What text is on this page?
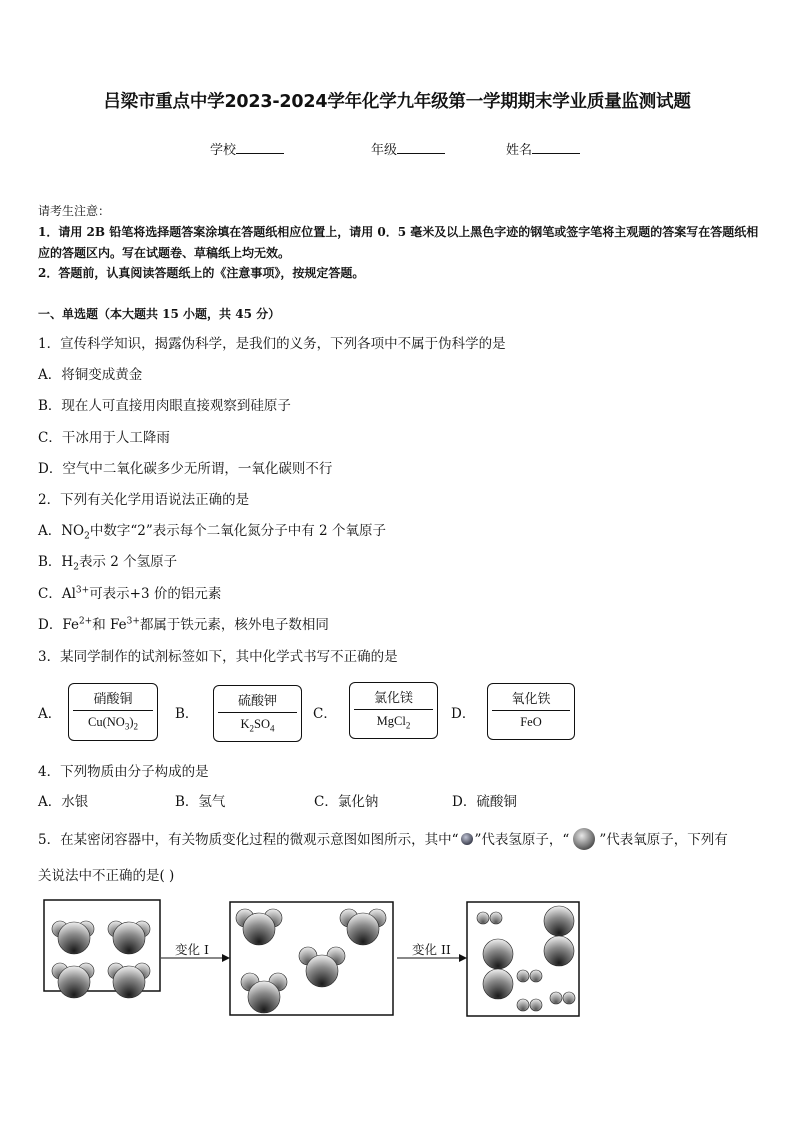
吕梁市重点中学2023-2024学年化学九年级第一学期期末学业质量监测试题
学校	年级	姓名
请考生注意：
1．请用 2B 铅笔将选择题答案涂填在答题纸相应位置上，请用 0．5 毫米及以上黑色字迹的钢笔或签字笔将主观题的答案写在答题纸相应的答题区内。写在试题卷、草稿纸上均无效。
2．答题前，认真阅读答题纸上的《注意事项》，按规定答题。
一、单选题（本大题共 15 小题，共 45 分）
1．宣传科学知识，揭露伪科学，是我们的义务，下列各项中不属于伪科学的是
A．将铜变成黄金
B．现在人可直接用肉眼直接观察到硅原子
C．干冰用于人工降雨
D．空气中二氧化碳多少无所谓，一氧化碳则不行
2．下列有关化学用语说法正确的是
A．$NO_2$中数字“2”表示每个二氧化氮分子中有 2 个氧原子
B．$H_2$表示 2 个氢原子
C．$Al^{3+}$可表示+3 价的铝元素
D．$Fe^{2+}$和 $Fe^{3+}$都属于铁元素，核外电子数相同
3．某同学制作的试剂标签如下，其中化学式书写不正确的是
A．
硝酸铜
$Cu(NO_3)_2$
B．
硫酸钾
$K_2SO_4$
C．
氯化镁
MgCl$_2$
D．
氧化铁
FeO
4．下列物质由分子构成的是
A．水银	B．氢气	C．氯化钠	D．硫酸铜
5．在某密闭容器中，有关物质变化过程的微观示意图如图所示，其中“ ”代表氢原子，“ ”代表氧原子，下列有
关说法中不正确的是( )
变化 I	变化 II
